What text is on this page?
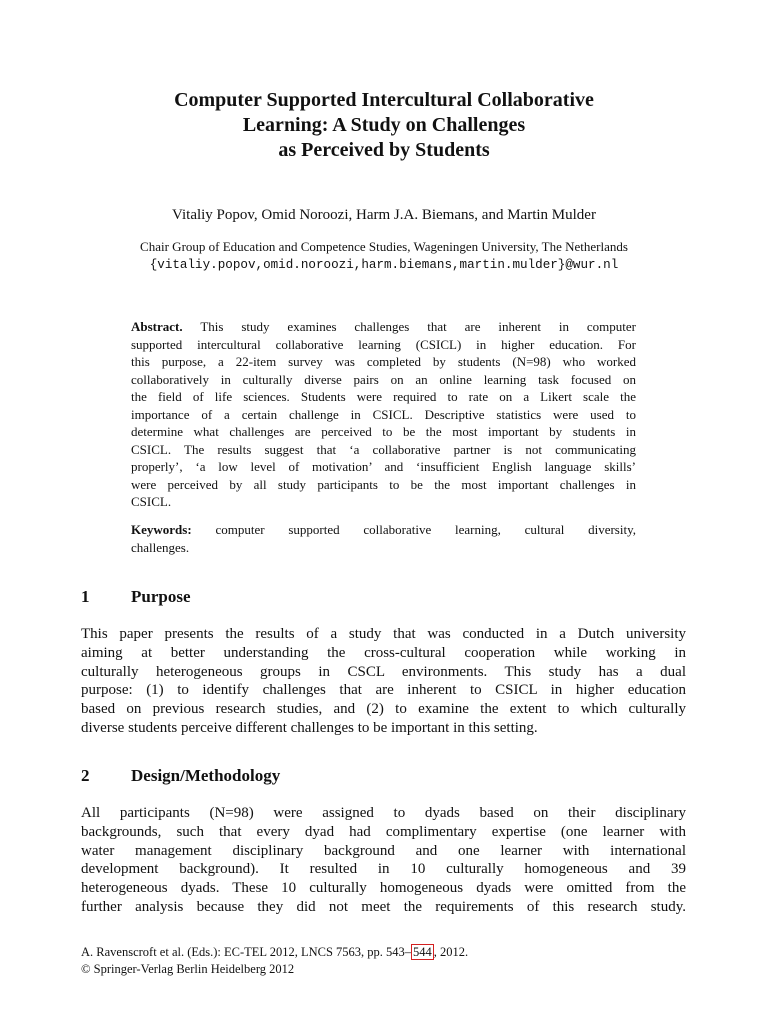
Computer Supported Intercultural Collaborative
Learning: A Study on Challenges
as Perceived by Students
Vitaliy Popov, Omid Noroozi, Harm J.A. Biemans, and Martin Mulder
Chair Group of Education and Competence Studies, Wageningen University, The Netherlands
{vitaliy.popov,omid.noroozi,harm.biemans,martin.mulder}@wur.nl

Abstract. This study examines challenges that are inherent in computer

supported intercultural collaborative learning (CSICL) in higher education. For

this purpose, a 22-item survey was completed by students (N=98) who worked

collaboratively in culturally diverse pairs on an online learning task focused on

the field of life sciences. Students were required to rate on a Likert scale the

importance of a certain challenge in CSICL. Descriptive statistics were used to

determine what challenges are perceived to be the most important by students in

CSICL. The results suggest that ‘a collaborative partner is not communicating

properly’, ‘a low level of motivation’ and ‘insufficient English language skills’

were perceived by all study participants to be the most important challenges in

CSICL.

Keywords: computer supported collaborative learning, cultural diversity,
challenges.

1 Purpose
This paper presents the results of a study that was conducted in a Dutch university
aiming at better understanding the cross-cultural cooperation while working in
culturally heterogeneous groups in CSCL environments. This study has a dual
purpose: (1) to identify challenges that are inherent to CSICL in higher education
based on previous research studies, and (2) to examine the extent to which culturally
diverse students perceive different challenges to be important in this setting.
2 Design/Methodology
All participants (N=98) were assigned to dyads based on their disciplinary
backgrounds, such that every dyad had complimentary expertise (one learner with
water management disciplinary background and one learner with international
development background). It resulted in 10 culturally homogeneous and 39
heterogeneous dyads. These 10 culturally homogeneous dyads were omitted from the
further analysis because they did not meet the requirements of this research study.
A. Ravenscroft et al. (Eds.): EC-TEL 2012, LNCS 7563, pp. 543– 544 , 2012.
© Springer-Verlag Berlin Heidelberg 2012
